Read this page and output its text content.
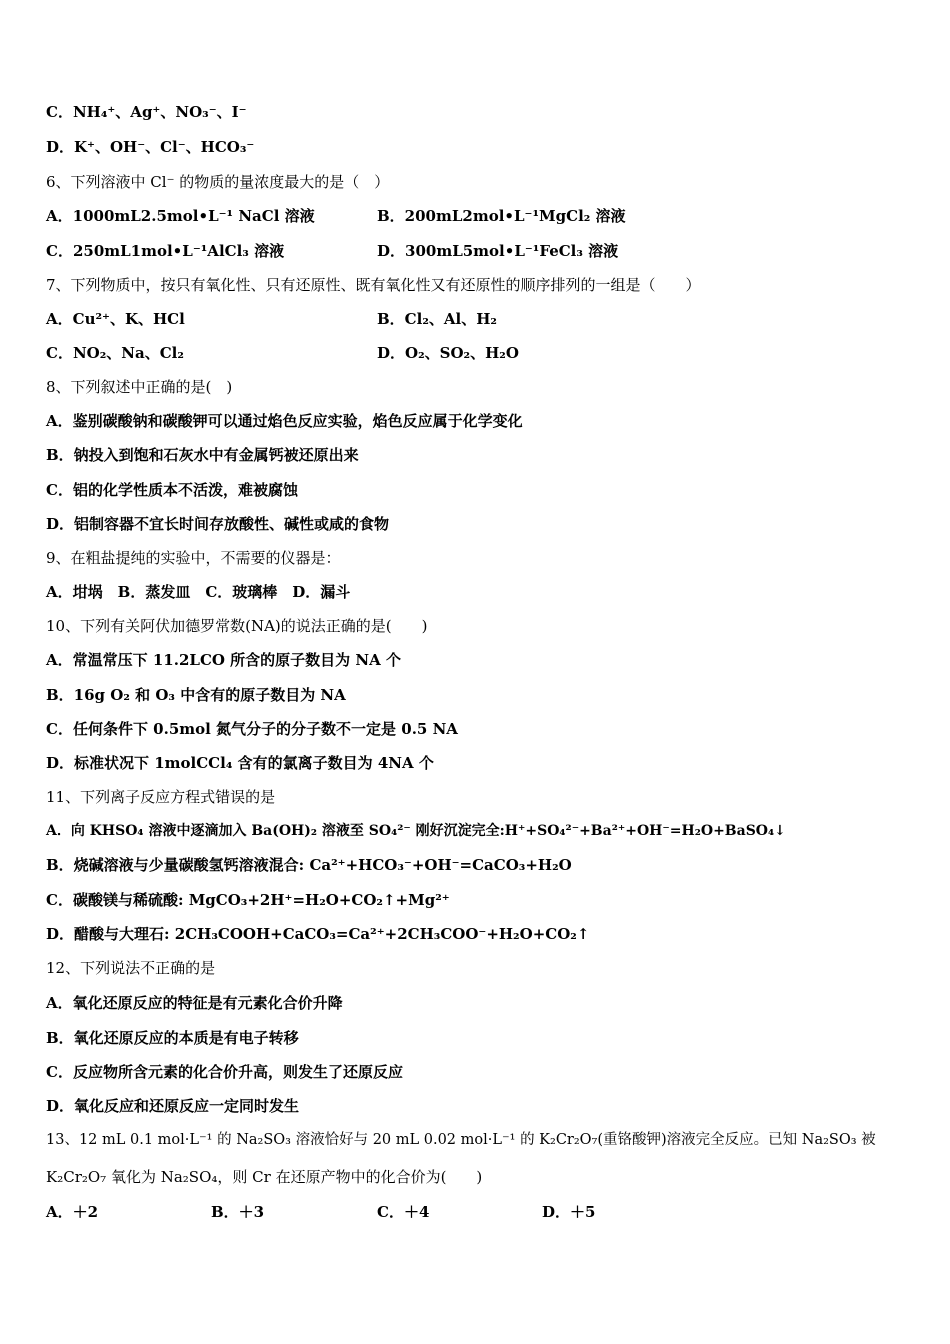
C．NH₄⁺、Ag⁺、NO₃⁻、I⁻
D．K⁺、OH⁻、Cl⁻、HCO₃⁻
6、下列溶液中 Cl⁻ 的物质的量浓度最大的是（　）
A．1000mL2.5mol•L⁻¹ NaCl 溶液	B．200mL2mol•L⁻¹MgCl₂ 溶液
C．250mL1mol•L⁻¹AlCl₃ 溶液	D．300mL5mol•L⁻¹FeCl₃ 溶液
7、下列物质中，按只有氧化性、只有还原性、既有氧化性又有还原性的顺序排列的一组是（　　）
A．Cu²⁺、K、HCl	B．Cl₂、Al、H₂
C．NO₂、Na、Cl₂	D．O₂、SO₂、H₂O
8、下列叙述中正确的是(　)
A．鉴别碳酸钠和碳酸钾可以通过焰色反应实验，焰色反应属于化学变化
B．钠投入到饱和石灰水中有金属钙被还原出来
C．铝的化学性质本不活泼，难被腐蚀
D．铝制容器不宜长时间存放酸性、碱性或咸的食物
9、在粗盐提纯的实验中，不需要的仪器是：
A．坩埚　B．蒸发皿　C．玻璃棒　D．漏斗
10、下列有关阿伏加德罗常数(NA)的说法正确的是(　　)
A．常温常压下 11.2LCO 所含的原子数目为 NA 个
B．16g O₂ 和 O₃ 中含有的原子数目为 NA
C．任何条件下 0.5mol 氮气分子的分子数不一定是 0.5 NA
D．标准状况下 1molCCl₄ 含有的氯离子数目为 4NA 个
11、下列离子反应方程式错误的是
A．向 KHSO₄ 溶液中逐滴加入 Ba(OH)₂ 溶液至 SO₄²⁻ 刚好沉淀完全:H⁺+SO₄²⁻+Ba²⁺+OH⁻=H₂O+BaSO₄↓
B．烧碱溶液与少量碳酸氢钙溶液混合: Ca²⁺+HCO₃⁻+OH⁻=CaCO₃+H₂O
C．碳酸镁与稀硫酸: MgCO₃+2H⁺=H₂O+CO₂↑+Mg²⁺
D．醋酸与大理石: 2CH₃COOH+CaCO₃=Ca²⁺+2CH₃COO⁻+H₂O+CO₂↑
12、下列说法不正确的是
A．氧化还原反应的特征是有元素化合价升降
B．氧化还原反应的本质是有电子转移
C．反应物所含元素的化合价升高，则发生了还原反应
D．氧化反应和还原反应一定同时发生
13、12 mL 0.1 mol·L⁻¹ 的 Na₂SO₃ 溶液恰好与 20 mL 0.02 mol·L⁻¹ 的 K₂Cr₂O₇(重铬酸钾)溶液完全反应。已知 Na₂SO₃ 被
K₂Cr₂O₇ 氧化为 Na₂SO₄，则 Cr 在还原产物中的化合价为(　　)
A．＋2	B．＋3	C．＋4	D．＋5
